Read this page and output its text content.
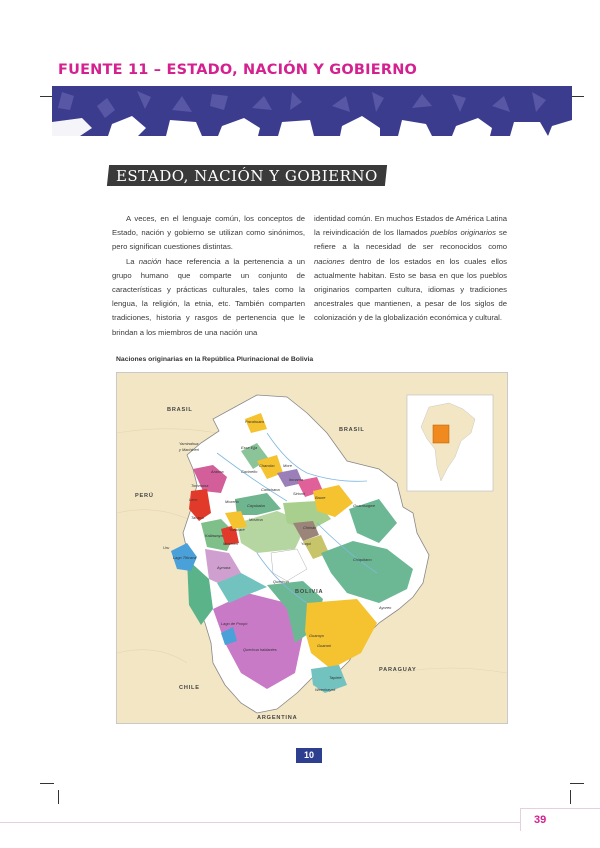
FUENTE 11 – ESTADO, NACIÓN Y GOBIERNO
ESTADO, NACIÓN Y GOBIERNO

A veces, en el lenguaje común, los conceptos de Estado, nación y gobierno se utilizan como sinónimos, pero significan cuestiones distintas.

La nación hace referencia a la pertenencia a un grupo humano que comparte un conjunto de características y prácticas culturales, tales como la lengua, la religión, la etnia, etc. También comparten tradiciones, historia y rasgos de pertenencia que le brindan a los miembros de una nación una

identidad común. En muchos Estados de América Latina la reivindicación de los llamados pueblos originarios se refiere a la necesidad de ser reconocidos como naciones dentro de los estados en los cuales ellos actualmente habitan. Esto se basa en que los pueblos originarios comparten cultura, idiomas y tradiciones ancestrales que mantienen, a pesar de los siglos de colonización y de la globalización económica y cultural.

Naciones originarias en la República Plurinacional de Bolivia
BRASIL
BRASIL
PERÚ
CHILE
PARAGUAY
ARGENTINA
BOLIVIA
Pacahuara
Yaminahua
y Machineri	Esse Ejja
Chacobo
Araona	Cavineño
More
Itonama
Toromona
Canichana
Sirionó
Baure
Guarasugwe
Leco
Tacana
Moxeño
Cayubaba
Kallawaya
Movima
Yuracaré
Mosetén
Chimán
Yuqui
Guarayo
Ayoreo
Chiquitano
Uru
Aymara
Quechua
Quechua hablantes
Guaraní
Tapiete
Weenhayek
Lago Titicaca
Lago de Poopó
10
39
